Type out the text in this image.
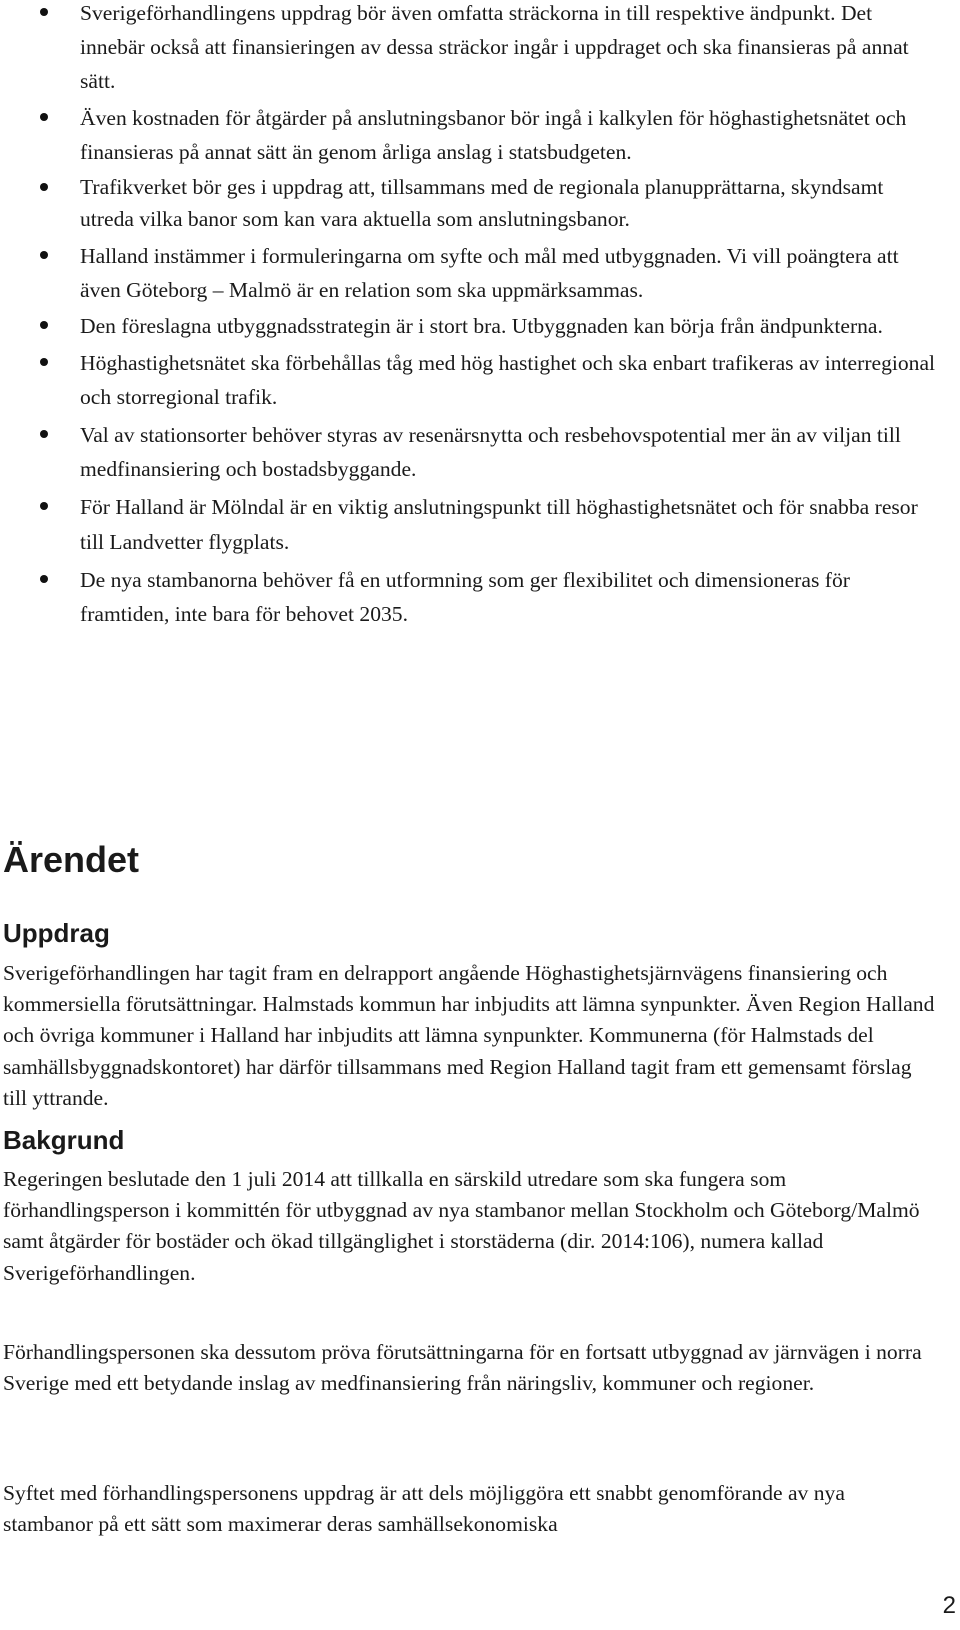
Sverigeförhandlingens uppdrag bör även omfatta sträckorna in till respektive ändpunkt. Det innebär också att finansieringen av dessa sträckor ingår i uppdraget och ska finansieras på annat sätt.
Även kostnaden för åtgärder på anslutningsbanor bör ingå i kalkylen för höghastighetsnätet och finansieras på annat sätt än genom årliga anslag i statsbudgeten.
Trafikverket bör ges i uppdrag att, tillsammans med de regionala planupprättarna, skyndsamt utreda vilka banor som kan vara aktuella som anslutningsbanor.
Halland instämmer i formuleringarna om syfte och mål med utbyggnaden. Vi vill poängtera att även Göteborg – Malmö är en relation som ska uppmärksammas.
Den föreslagna utbyggnadsstrategin är i stort bra. Utbyggnaden kan börja från ändpunkterna.
Höghastighetsnätet ska förbehållas tåg med hög hastighet och ska enbart trafikeras av interregional och storregional trafik.
Val av stationsorter behöver styras av resenärsnytta och resbehovspotential mer än av viljan till medfinansiering och bostadsbyggande.
För Halland är Mölndal är en viktig anslutningspunkt till höghastighetsnätet och för snabba resor till Landvetter flygplats.
De nya stambanorna behöver få en utformning som ger flexibilitet och dimensioneras för framtiden, inte bara för behovet 2035.
Ärendet
Uppdrag

Sverigeförhandlingen har tagit fram en delrapport angående Höghastighetsjärnvägens finansiering och kommersiella förutsättningar. Halmstads kommun har inbjudits att lämna synpunkter. Även Region Halland och övriga kommuner i Halland har inbjudits att lämna synpunkter. Kommunerna (för Halmstads del samhällsbyggnadskontoret) har därför tillsammans med Region Halland tagit fram ett gemensamt förslag till yttrande.

Bakgrund

Regeringen beslutade den 1 juli 2014 att tillkalla en särskild utredare som ska fungera som förhandlingsperson i kommittén för utbyggnad av nya stambanor mellan Stockholm och Göteborg/Malmö samt åtgärder för bostäder och ökad tillgänglighet i storstäderna (dir. 2014:106), numera kallad Sverigeförhandlingen.

Förhandlingspersonen ska dessutom pröva förutsättningarna för en fortsatt utbyggnad av järnvägen i norra Sverige med ett betydande inslag av medfinansiering från näringsliv, kommuner och regioner.

Syftet med förhandlingspersonens uppdrag är att dels möjliggöra ett snabbt genomförande av nya stambanor på ett sätt som maximerar deras samhällsekonomiska

2
